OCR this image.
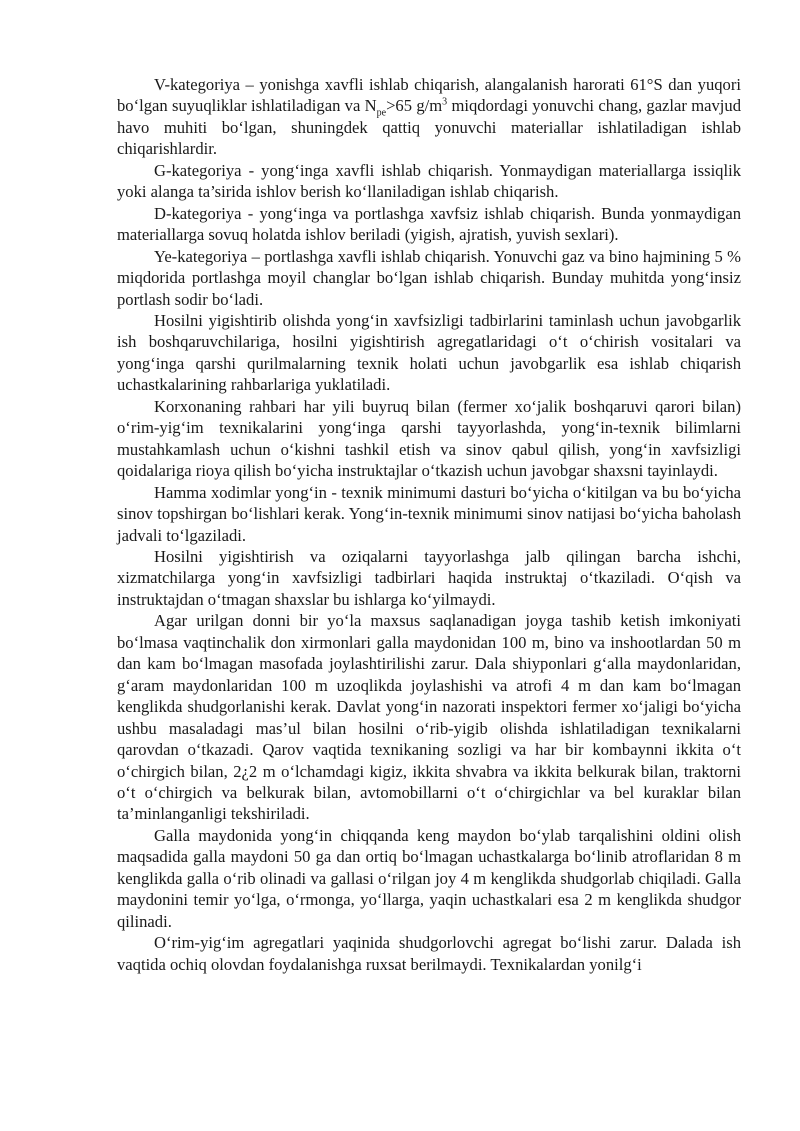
V-kategoriya – yonishga xavfli ishlab chiqarish, alangalanish harorati 61°S dan yuqori bo‘lgan suyuqliklar ishlatiladigan va $N_{pe}>65$ $g/m^3$ miqdordagi yonuvchi chang, gazlar mavjud havo muhiti bo‘lgan, shuningdek qattiq yonuvchi materiallar ishlatiladigan ishlab chiqarishlardir.

G-kategoriya - yong‘inga xavfli ishlab chiqarish. Yonmaydigan materiallarga issiqlik yoki alanga ta’sirida ishlov berish ko‘llaniladigan ishlab chiqarish.

D-kategoriya - yong‘inga va portlashga xavfsiz ishlab chiqarish. Bunda yonmaydigan materiallarga sovuq holatda ishlov beriladi (yigish, ajratish, yuvish sexlari).

Ye-kategoriya – portlashga xavfli ishlab chiqarish. Yonuvchi gaz va bino hajmining 5 % miqdorida portlashga moyil changlar bo‘lgan ishlab chiqarish. Bunday muhitda yong‘insiz portlash sodir bo‘ladi.

Hosilni yigishtirib olishda yong‘in xavfsizligi tadbirlarini taminlash uchun javobgarlik ish boshqaruvchilariga, hosilni yigishtirish agregatlaridagi o‘t o‘chirish vositalari va yong‘inga qarshi qurilmalarning texnik holati uchun javobgarlik esa ishlab chiqarish uchastkalarining rahbarlariga yuklatiladi.

Korxonaning rahbari har yili buyruq bilan (fermer xo‘jalik boshqaruvi qarori bilan) o‘rim-yig‘im texnikalarini yong‘inga qarshi tayyorlashda, yong‘in-texnik bilimlarni mustahkamlash uchun o‘kishni tashkil etish va sinov qabul qilish, yong‘in xavfsizligi qoidalariga rioya qilish bo‘yicha instruktajlar o‘tkazish uchun javobgar shaxsni tayinlaydi.

Hamma xodimlar yong‘in - texnik minimumi dasturi bo‘yicha o‘kitilgan va bu bo‘yicha sinov topshirgan bo‘lishlari kerak. Yong‘in-texnik minimumi sinov natijasi bo‘yicha baholash jadvali to‘lgaziladi.

Hosilni yigishtirish va oziqalarni tayyorlashga jalb qilingan barcha ishchi, xizmatchilarga yong‘in xavfsizligi tadbirlari haqida instruktaj o‘tkaziladi. O‘qish va instruktajdan o‘tmagan shaxslar bu ishlarga ko‘yilmaydi.

Agar urilgan donni bir yo‘la maxsus saqlanadigan joyga tashib ketish imkoniyati bo‘lmasa vaqtinchalik don xirmonlari galla maydonidan 100 m, bino va inshootlardan 50 m dan kam bo‘lmagan masofada joylashtirilishi zarur. Dala shiyponlari g‘alla maydonlaridan, g‘aram maydonlaridan 100 m uzoqlikda joylashishi va atrofi 4 m dan kam bo‘lmagan kenglikda shudgorlanishi kerak. Davlat yong‘in nazorati inspektori fermer xo‘jaligi bo‘yicha ushbu masaladagi mas’ul bilan hosilni o‘rib-yigib olishda ishlatiladigan texnikalarni qarovdan o‘tkazadi. Qarov vaqtida texnikaning sozligi va har bir kombaynni ikkita o‘t o‘chirgich bilan, 2¿2 m o‘lchamdagi kigiz, ikkita shvabra va ikkita belkurak bilan, traktorni o‘t o‘chirgich va belkurak bilan, avtomobillarni o‘t o‘chirgichlar va bel kuraklar bilan ta’minlanganligi tekshiriladi.

Galla maydonida yong‘in chiqqanda keng maydon bo‘ylab tarqalishini oldini olish maqsadida galla maydoni 50 ga dan ortiq bo‘lmagan uchastkalarga bo‘linib atroflaridan 8 m kenglikda galla o‘rib olinadi va gallasi o‘rilgan joy 4 m kenglikda shudgorlab chiqiladi. Galla maydonini temir yo‘lga, o‘rmonga, yo‘llarga, yaqin uchastkalari esa 2 m kenglikda shudgor qilinadi.

O‘rim-yig‘im agregatlari yaqinida shudgorlovchi agregat bo‘lishi zarur. Dalada ish vaqtida ochiq olovdan foydalanishga ruxsat berilmaydi. Texnikalardan yonilg‘i
